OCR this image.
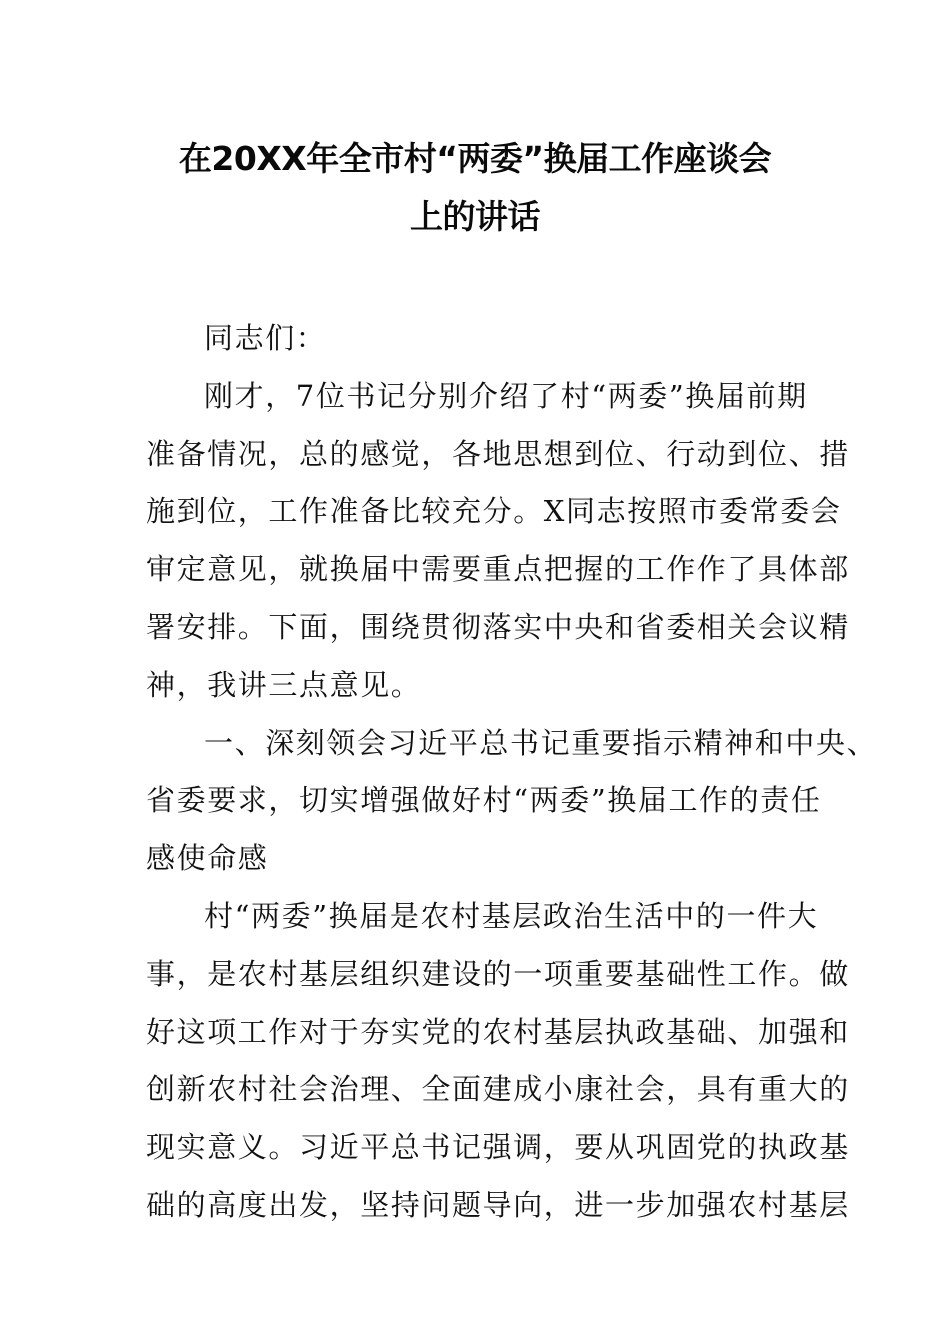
在20XX年全市村“两委”换届工作座谈会
上的讲话
同志们：
刚才，7位书记分别介绍了村“两委”换届前期
准备情况，总的感觉，各地思想到位、行动到位、措
施到位，工作准备比较充分。X同志按照市委常委会
审定意见，就换届中需要重点把握的工作作了具体部
署安排。下面，围绕贯彻落实中央和省委相关会议精
神，我讲三点意见。
一、深刻领会习近平总书记重要指示精神和中央、
省委要求，切实增强做好村“两委”换届工作的责任
感使命感
村“两委”换届是农村基层政治生活中的一件大
事，是农村基层组织建设的一项重要基础性工作。做
好这项工作对于夯实党的农村基层执政基础、加强和
创新农村社会治理、全面建成小康社会，具有重大的
现实意义。习近平总书记强调，要从巩固党的执政基
础的高度出发，坚持问题导向，进一步加强农村基层
